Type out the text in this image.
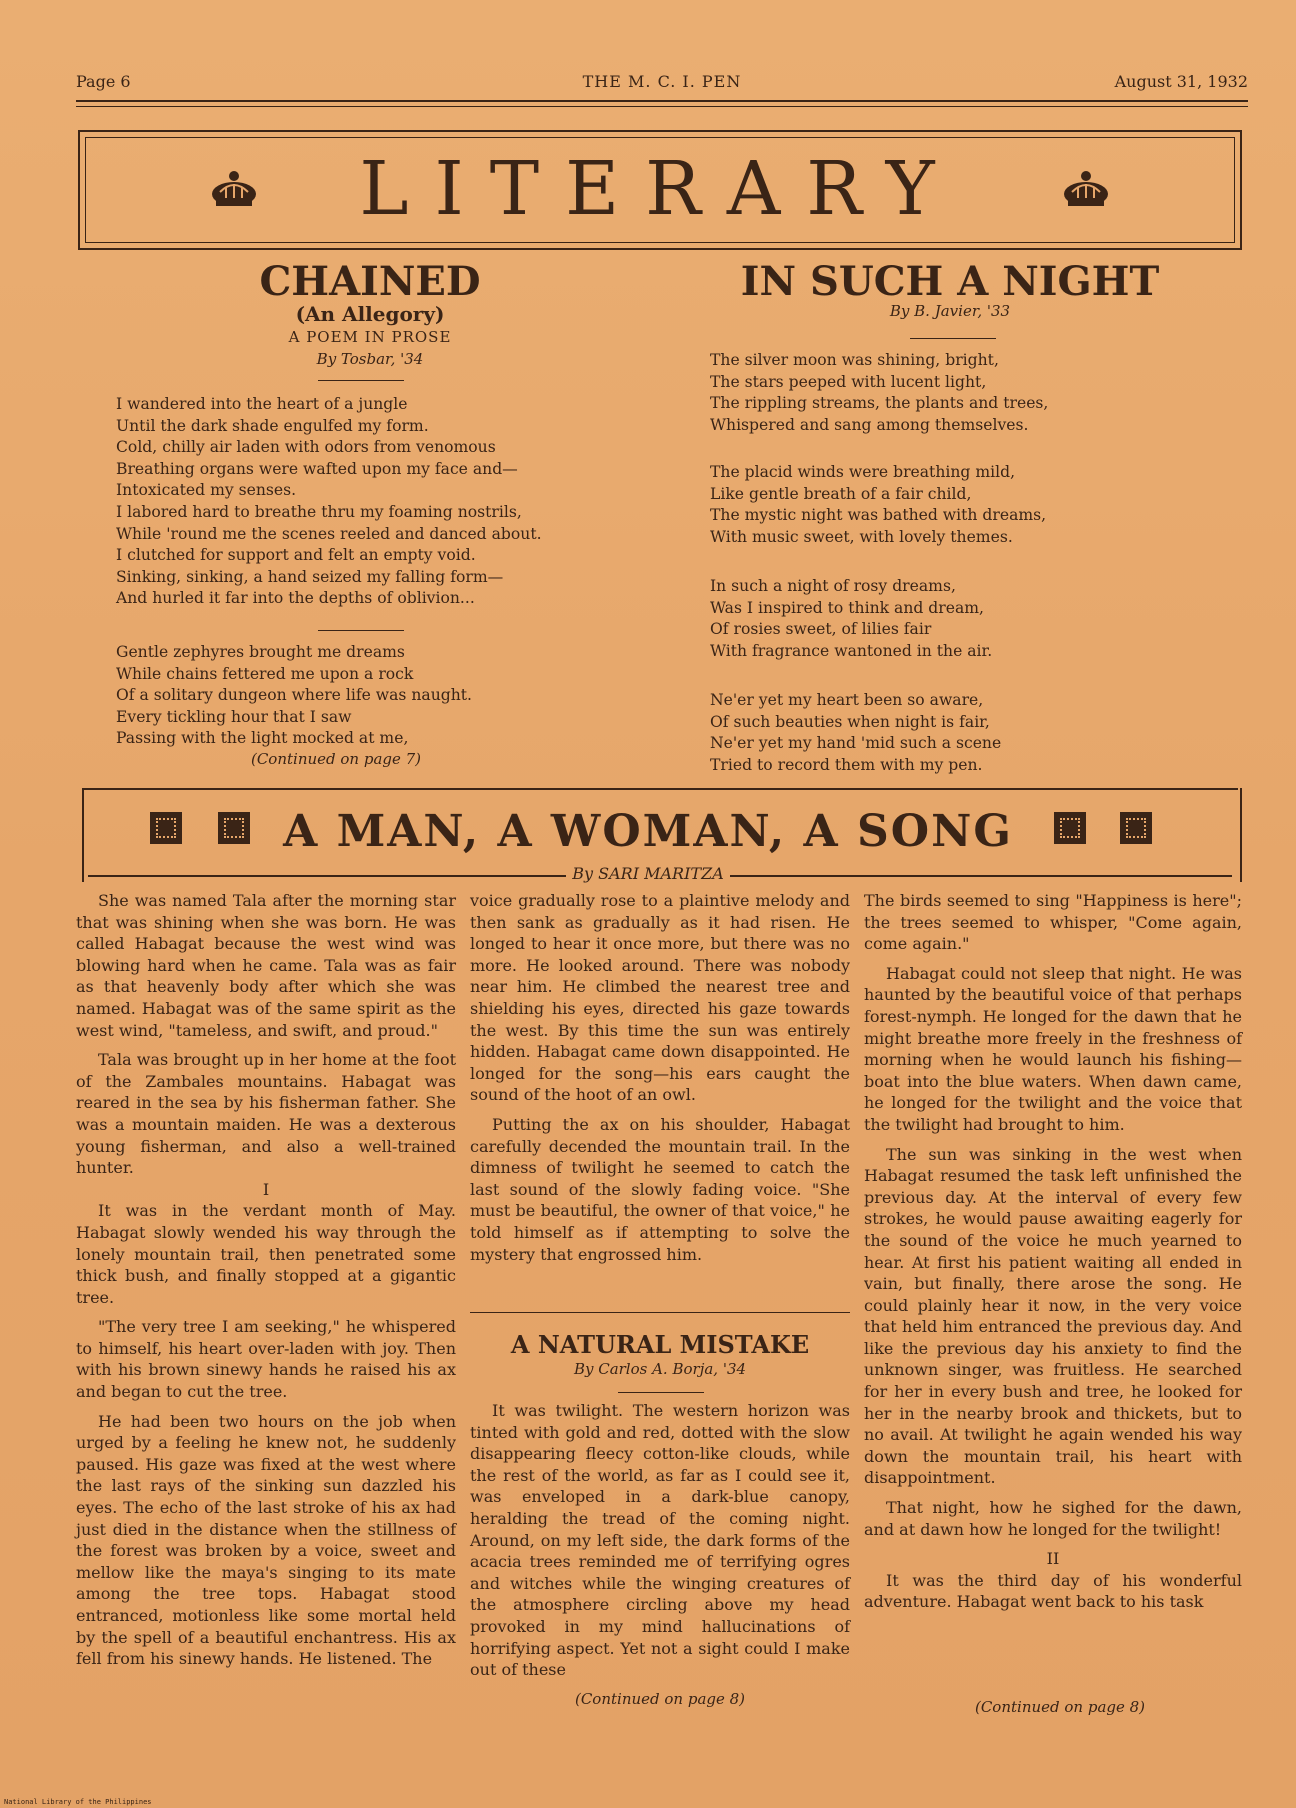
Page 6	THE M. C. I. PEN	August 31, 1932
LITERARY
CHAINED
(An Allegory)
A POEM IN PROSE
By Tosbar, '34
I wandered into the heart of a jungle
Until the dark shade engulfed my form.
Cold, chilly air laden with odors from venomous
Breathing organs were wafted upon my face and—
Intoxicated my senses.
I labored hard to breathe thru my foaming nostrils,
While 'round me the scenes reeled and danced about.
I clutched for support and felt an empty void.
Sinking, sinking, a hand seized my falling form—
And hurled it far into the depths of oblivion...
Gentle zephyres brought me dreams
While chains fettered me upon a rock
Of a solitary dungeon where life was naught.
Every tickling hour that I saw
Passing with the light mocked at me,
(Continued on page 7)
IN SUCH A NIGHT
By B. Javier, '33
The silver moon was shining, bright,
The stars peeped with lucent light,
The rippling streams, the plants and trees,
Whispered and sang among themselves.
The placid winds were breathing mild,
Like gentle breath of a fair child,
The mystic night was bathed with dreams,
With music sweet, with lovely themes.
In such a night of rosy dreams,
Was I inspired to think and dream,
Of rosies sweet, of lilies fair
With fragrance wantoned in the air.
Ne'er yet my heart been so aware,
Of such beauties when night is fair,
Ne'er yet my hand 'mid such a scene
Tried to record them with my pen.
A MAN, A WOMAN, A SONG
By SARI MARITZA

She was named Tala after the morning star that was shining when she was born. He was called Habagat because the west wind was blowing hard when he came. Tala was as fair as that heavenly body after which she was named. Habagat was of the same spirit as the west wind, "tameless, and swift, and proud."

Tala was brought up in her home at the foot of the Zambales mountains. Habagat was reared in the sea by his fisherman father. She was a mountain maiden. He was a dexterous young fisherman, and also a well-trained hunter.

I

It was in the verdant month of May. Habagat slowly wended his way through the lonely mountain trail, then penetrated some thick bush, and finally stopped at a gigantic tree.

"The very tree I am seeking," he whispered to himself, his heart over-laden with joy. Then with his brown sinewy hands he raised his ax and began to cut the tree.

He had been two hours on the job when urged by a feeling he knew not, he suddenly paused. His gaze was fixed at the west where the last rays of the sinking sun dazzled his eyes. The echo of the last stroke of his ax had just died in the distance when the stillness of the forest was broken by a voice, sweet and mellow like the maya's singing to its mate among the tree tops. Habagat stood entranced, motionless like some mortal held by the spell of a beautiful enchantress. His ax fell from his sinewy hands. He listened. The

voice gradually rose to a plaintive melody and then sank as gradually as it had risen. He longed to hear it once more, but there was no more. He looked around. There was nobody near him. He climbed the nearest tree and shielding his eyes, directed his gaze towards the west. By this time the sun was entirely hidden. Habagat came down disappointed. He longed for the song—his ears caught the sound of the hoot of an owl.

Putting the ax on his shoulder, Habagat carefully decended the mountain trail. In the dimness of twilight he seemed to catch the last sound of the slowly fading voice. "She must be beautiful, the owner of that voice," he told himself as if attempting to solve the mystery that engrossed him.

A NATURAL MISTAKE
By Carlos A. Borja, '34

It was twilight. The western horizon was tinted with gold and red, dotted with the slow disappearing fleecy cotton-like clouds, while the rest of the world, as far as I could see it, was enveloped in a dark-blue canopy, heralding the tread of the coming night. Around, on my left side, the dark forms of the acacia trees reminded me of terrifying ogres and witches while the winging creatures of the atmosphere circling above my head provoked in my mind hallucinations of horrifying aspect. Yet not a sight could I make out of these

(Continued on page 8)

The birds seemed to sing "Happiness is here"; the trees seemed to whisper, "Come again, come again."

Habagat could not sleep that night. He was haunted by the beautiful voice of that perhaps forest-nymph. He longed for the dawn that he might breathe more freely in the freshness of morning when he would launch his fishing—boat into the blue waters. When dawn came, he longed for the twilight and the voice that the twilight had brought to him.

The sun was sinking in the west when Habagat resumed the task left unfinished the previous day. At the interval of every few strokes, he would pause awaiting eagerly for the sound of the voice he much yearned to hear. At first his patient waiting all ended in vain, but finally, there arose the song. He could plainly hear it now, in the very voice that held him entranced the previous day. And like the previous day his anxiety to find the unknown singer, was fruitless. He searched for her in every bush and tree, he looked for her in the nearby brook and thickets, but to no avail. At twilight he again wended his way down the mountain trail, his heart with disappointment.

That night, how he sighed for the dawn, and at dawn how he longed for the twilight!

II

It was the third day of his wonderful adventure. Habagat went back to his task

(Continued on page 8)
National Library of the Philippines
